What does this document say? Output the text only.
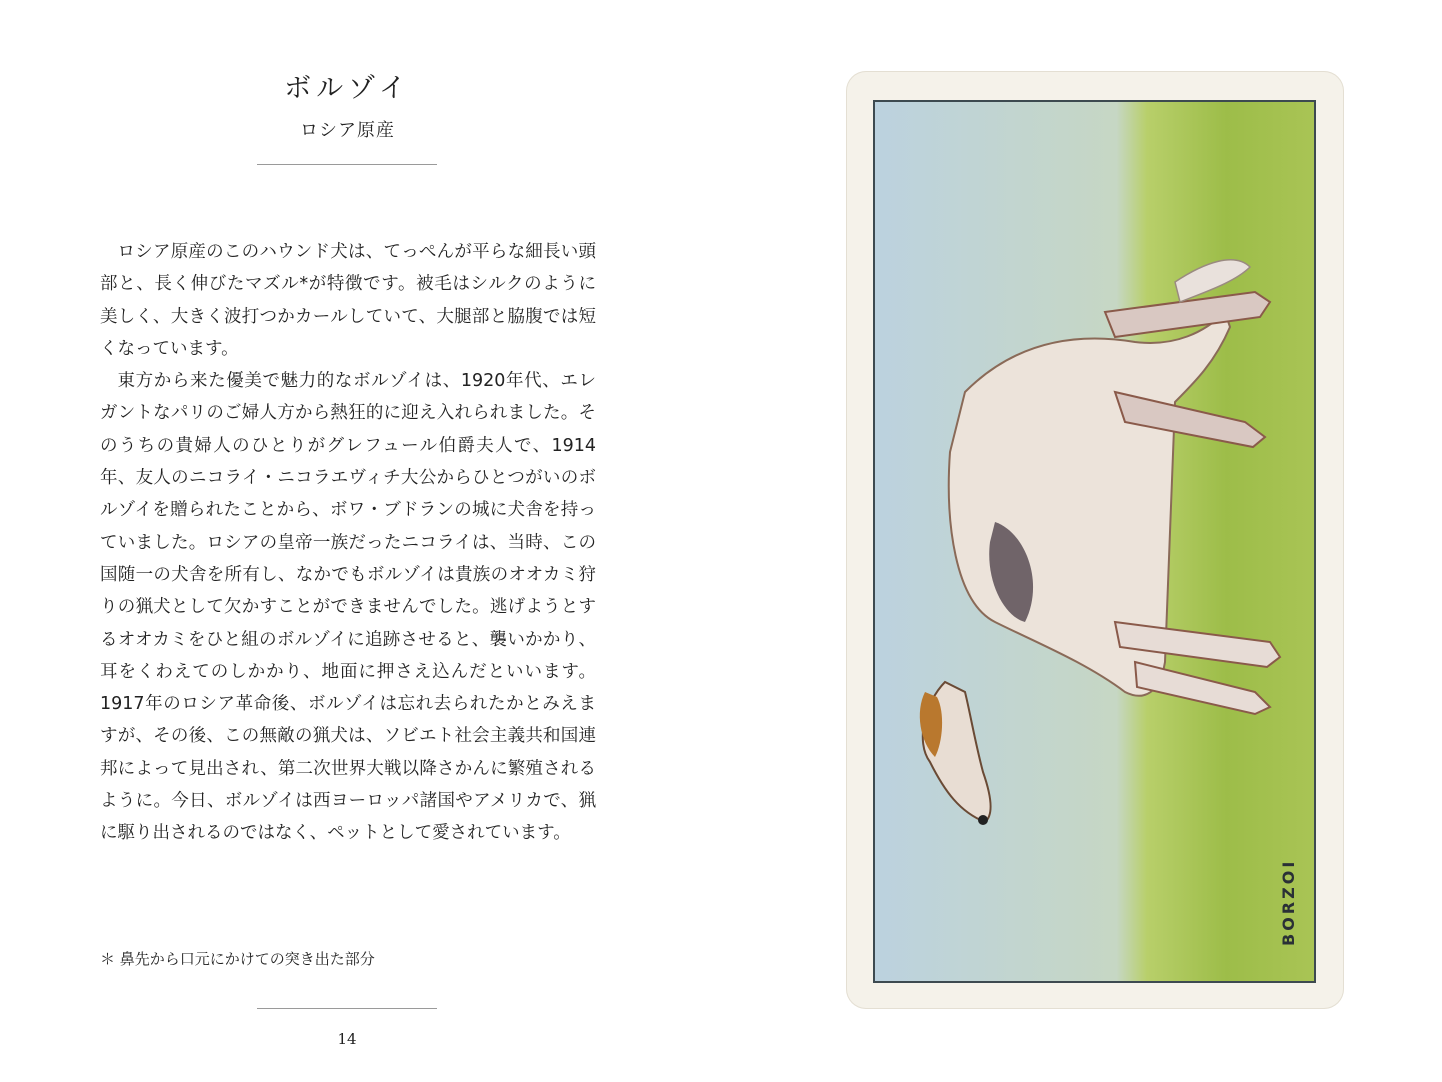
ボルゾイ
ロシア原産

ロシア原産のこのハウンド犬は、てっぺんが平らな細長い頭部と、長く伸びたマズル*が特徴です。被毛はシルクのように美しく、大きく波打つかカールしていて、大腿部と脇腹では短くなっています。

東方から来た優美で魅力的なボルゾイは、1920年代、エレガントなパリのご婦人方から熱狂的に迎え入れられました。そのうちの貴婦人のひとりがグレフュール伯爵夫人で、1914年、友人のニコライ・ニコラエヴィチ大公からひとつがいのボルゾイを贈られたことから、ボワ・ブドランの城に犬舎を持っていました。ロシアの皇帝一族だったニコライは、当時、この国随一の犬舎を所有し、なかでもボルゾイは貴族のオオカミ狩りの猟犬として欠かすことができませんでした。逃げようとするオオカミをひと組のボルゾイに追跡させると、襲いかかり、耳をくわえてのしかかり、地面に押さえ込んだといいます。1917年のロシア革命後、ボルゾイは忘れ去られたかとみえますが、その後、この無敵の猟犬は、ソビエト社会主義共和国連邦によって見出され、第二次世界大戦以降さかんに繁殖されるように。今日、ボルゾイは西ヨーロッパ諸国やアメリカで、猟に駆り出されるのではなく、ペットとして愛されています。

＊ 鼻先から口元にかけての突き出た部分
14
BORZOI
